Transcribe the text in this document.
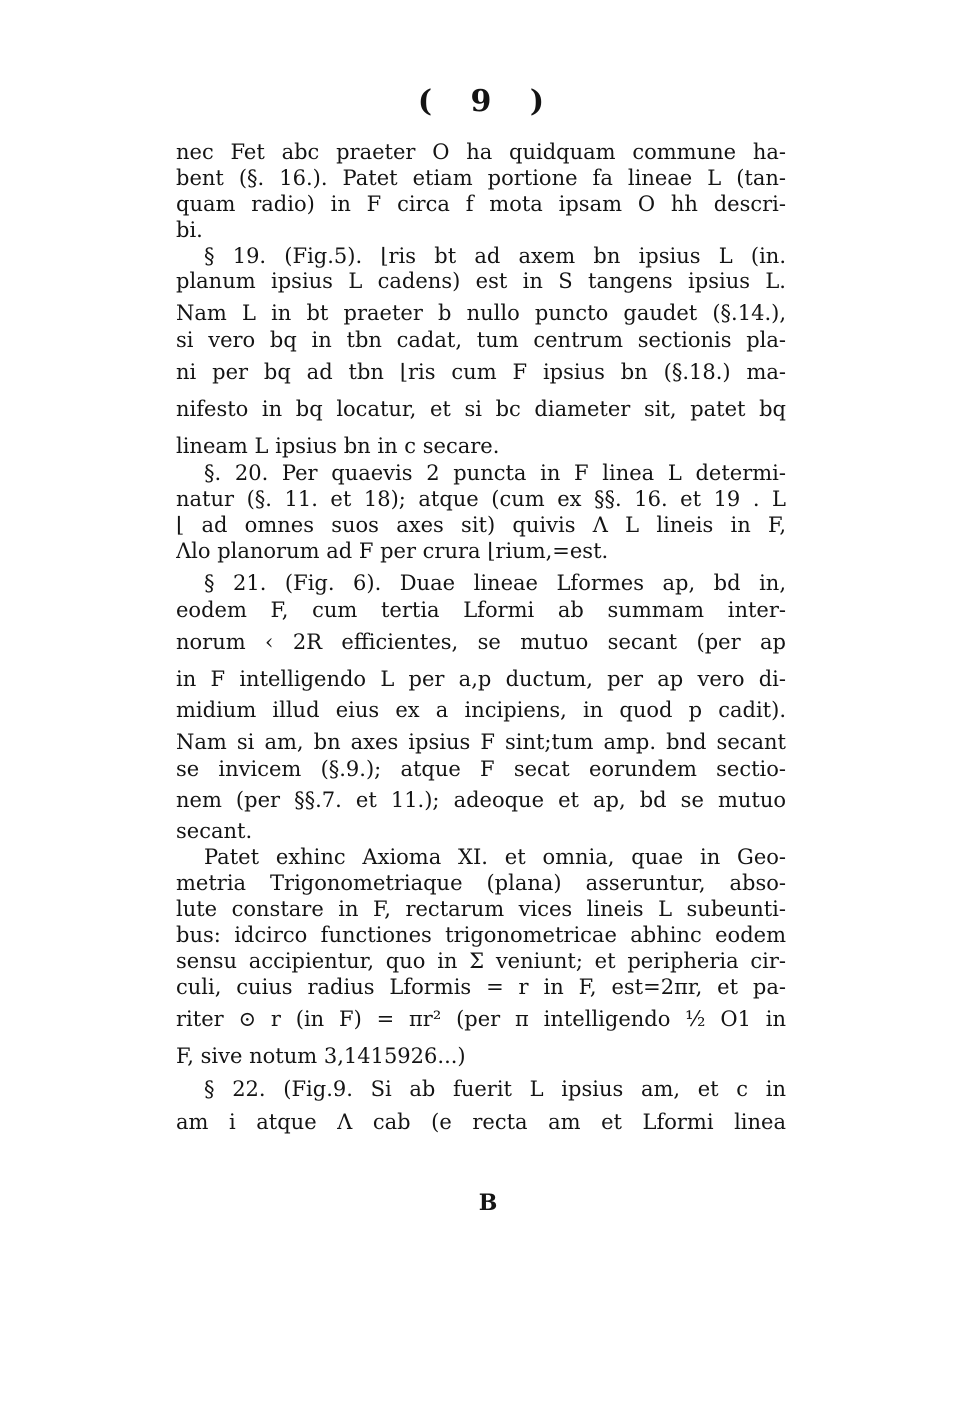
( 9 )
nec Fet abc praeter O ha quidquam commune ha-
bent (§. 16.). Patet etiam portione fa lineae L (tan-
quam radio) in F circa f mota ipsam O hh descri-
bi.
§ 19. (Fig.5). ⌊ris bt ad axem bn ipsius L (in.
planum ipsius L cadens) est in S tangens ipsius L.
Nam L in bt praeter b nullo puncto gaudet (§.14.),
si vero bq in tbn cadat, tum centrum sectionis pla-
ni per bq ad tbn ⌊ris cum F ipsius bn (§.18.) ma-
nifesto in bq locatur, et si bc diameter sit, patet bq
lineam L ipsius bn in c secare.
§. 20. Per quaevis 2 puncta in F linea L determi-
natur (§. 11. et 18); atque (cum ex §§. 16. et 19 . L
⌊ ad omnes suos axes sit) quivis Λ L lineis in F,
Λlo planorum ad F per crura ⌊rium,=est.
§ 21. (Fig. 6). Duae lineae Lformes ap, bd in,
eodem F, cum tertia Lformi ab summam inter-
norum ‹ 2R efficientes, se mutuo secant (per ap
in F intelligendo L per a,p ductum, per ap vero di-
midium illud eius ex a incipiens, in quod p cadit).
Nam si am, bn axes ipsius F sint;tum amp. bnd secant
se invicem (§.9.); atque F secat eorundem sectio-
nem (per §§.7. et 11.); adeoque et ap, bd se mutuo
secant.
Patet exhinc Axioma XI. et omnia, quae in Geo-
metria Trigonometriaque (plana) asseruntur, abso-
lute constare in F, rectarum vices lineis L subeunti-
bus: idcirco functiones trigonometricae abhinc eodem
sensu accipientur, quo in Σ veniunt; et peripheria cir-
culi, cuius radius Lformis = r in F, est=2πr, et pa-
riter ⊙ r (in F) = πr² (per π intelligendo ½ O1 in
F, sive notum 3,1415926...)
§ 22. (Fig.9. Si ab fuerit L ipsius am, et c in
am i atque Λ cab (e recta am et Lformi linea
B
